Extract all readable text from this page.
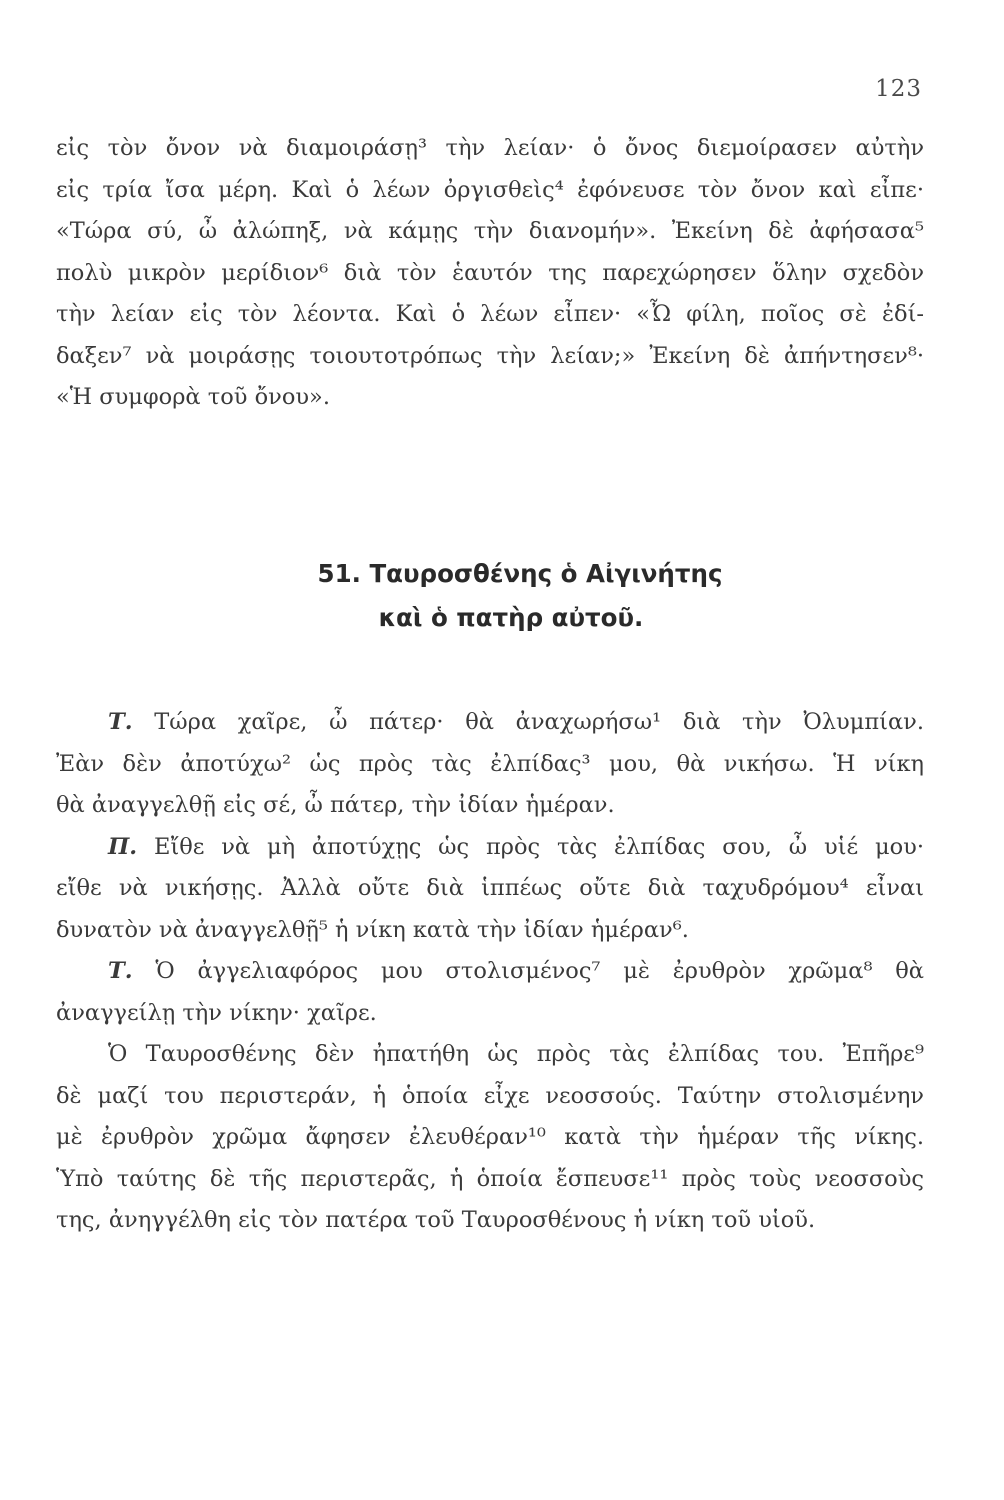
123
εἰς τὸν ὄνον νὰ διαμοιράσῃ³ τὴν λείαν· ὁ ὄνος διεμοίρασεν αὐτὴν
εἰς τρία ἴσα μέρη. Καὶ ὁ λέων ὀργισθεὶς⁴ ἐφόνευσε τὸν ὄνον καὶ εἶπε·
«Τώρα σύ, ὦ ἀλώπηξ, νὰ κάμῃς τὴν διανομήν». Ἐκείνη δὲ ἀφήσασα⁵
πολὺ μικρὸν μερίδιον⁶ διὰ τὸν ἑαυτόν της παρεχώρησεν ὅλην σχεδὸν
τὴν λείαν εἰς τὸν λέοντα. Καὶ ὁ λέων εἶπεν· «Ὦ φίλη, ποῖος σὲ ἐδί-
δαξεν⁷ νὰ μοιράσῃς τοιουτοτρόπως τὴν λείαν;» Ἐκείνη δὲ ἀπήντησεν⁸·
«Ἡ συμφορὰ τοῦ ὄνου».
51. Ταυροσθένης ὁ Αἰγινήτης
καὶ ὁ πατὴρ αὐτοῦ.
Τ. Τώρα χαῖρε, ὦ πάτερ· θὰ ἀναχωρήσω¹ διὰ τὴν Ὀλυμπίαν.
Ἐὰν δὲν ἀποτύχω² ὡς πρὸς τὰς ἐλπίδας³ μου, θὰ νικήσω. Ἡ νίκη
θὰ ἀναγγελθῇ εἰς σέ, ὦ πάτερ, τὴν ἰδίαν ἡμέραν.
Π. Εἴθε νὰ μὴ ἀποτύχῃς ὡς πρὸς τὰς ἐλπίδας σου, ὦ υἱέ μου·
εἴθε νὰ νικήσῃς. Ἀλλὰ οὔτε διὰ ἱππέως οὔτε διὰ ταχυδρόμου⁴ εἶναι
δυνατὸν νὰ ἀναγγελθῇ⁵ ἡ νίκη κατὰ τὴν ἰδίαν ἡμέραν⁶.
Τ. Ὁ ἀγγελιαφόρος μου στολισμένος⁷ μὲ ἐρυθρὸν χρῶμα⁸ θὰ
ἀναγγείλῃ τὴν νίκην· χαῖρε.
Ὁ Ταυροσθένης δὲν ἠπατήθη ὡς πρὸς τὰς ἐλπίδας του. Ἐπῆρε⁹
δὲ μαζί του περιστεράν, ἡ ὁποία εἶχε νεοσσούς. Ταύτην στολισμένην
μὲ ἐρυθρὸν χρῶμα ἄφησεν ἐλευθέραν¹⁰ κατὰ τὴν ἡμέραν τῆς νίκης.
Ὑπὸ ταύτης δὲ τῆς περιστερᾶς, ἡ ὁποία ἔσπευσε¹¹ πρὸς τοὺς νεοσσοὺς
της, ἀνηγγέλθη εἰς τὸν πατέρα τοῦ Ταυροσθένους ἡ νίκη τοῦ υἱοῦ.
